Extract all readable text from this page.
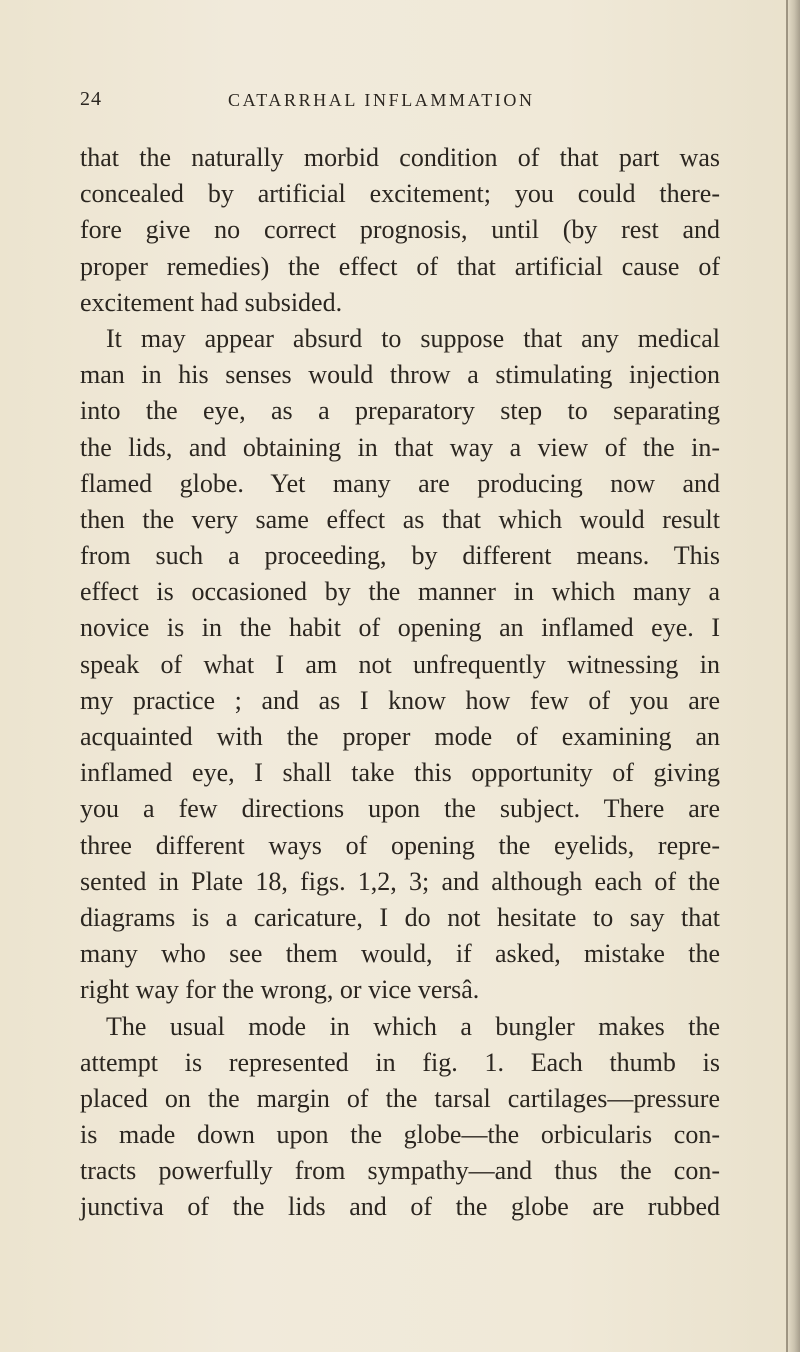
24	CATARRHAL INFLAMMATION
that the naturally morbid condition of that part was
concealed by artificial excitement; you could there-
fore give no correct prognosis, until (by rest and
proper remedies) the effect of that artificial cause of
excitement had subsided.
It may appear absurd to suppose that any medical
man in his senses would throw a stimulating injection
into the eye, as a preparatory step to separating
the lids, and obtaining in that way a view of the in-
flamed globe. Yet many are producing now and
then the very same effect as that which would result
from such a proceeding, by different means. This
effect is occasioned by the manner in which many a
novice is in the habit of opening an inflamed eye. I
speak of what I am not unfrequently witnessing in
my practice ; and as I know how few of you are
acquainted with the proper mode of examining an
inflamed eye, I shall take this opportunity of giving
you a few directions upon the subject. There are
three different ways of opening the eyelids, repre-
sented in Plate 18, figs. 1,2, 3; and although each of the
diagrams is a caricature, I do not hesitate to say that
many who see them would, if asked, mistake the
right way for the wrong, or vice versâ.
The usual mode in which a bungler makes the
attempt is represented in fig. 1. Each thumb is
placed on the margin of the tarsal cartilages—pressure
is made down upon the globe—the orbicularis con-
tracts powerfully from sympathy—and thus the con-
junctiva of the lids and of the globe are rubbed
